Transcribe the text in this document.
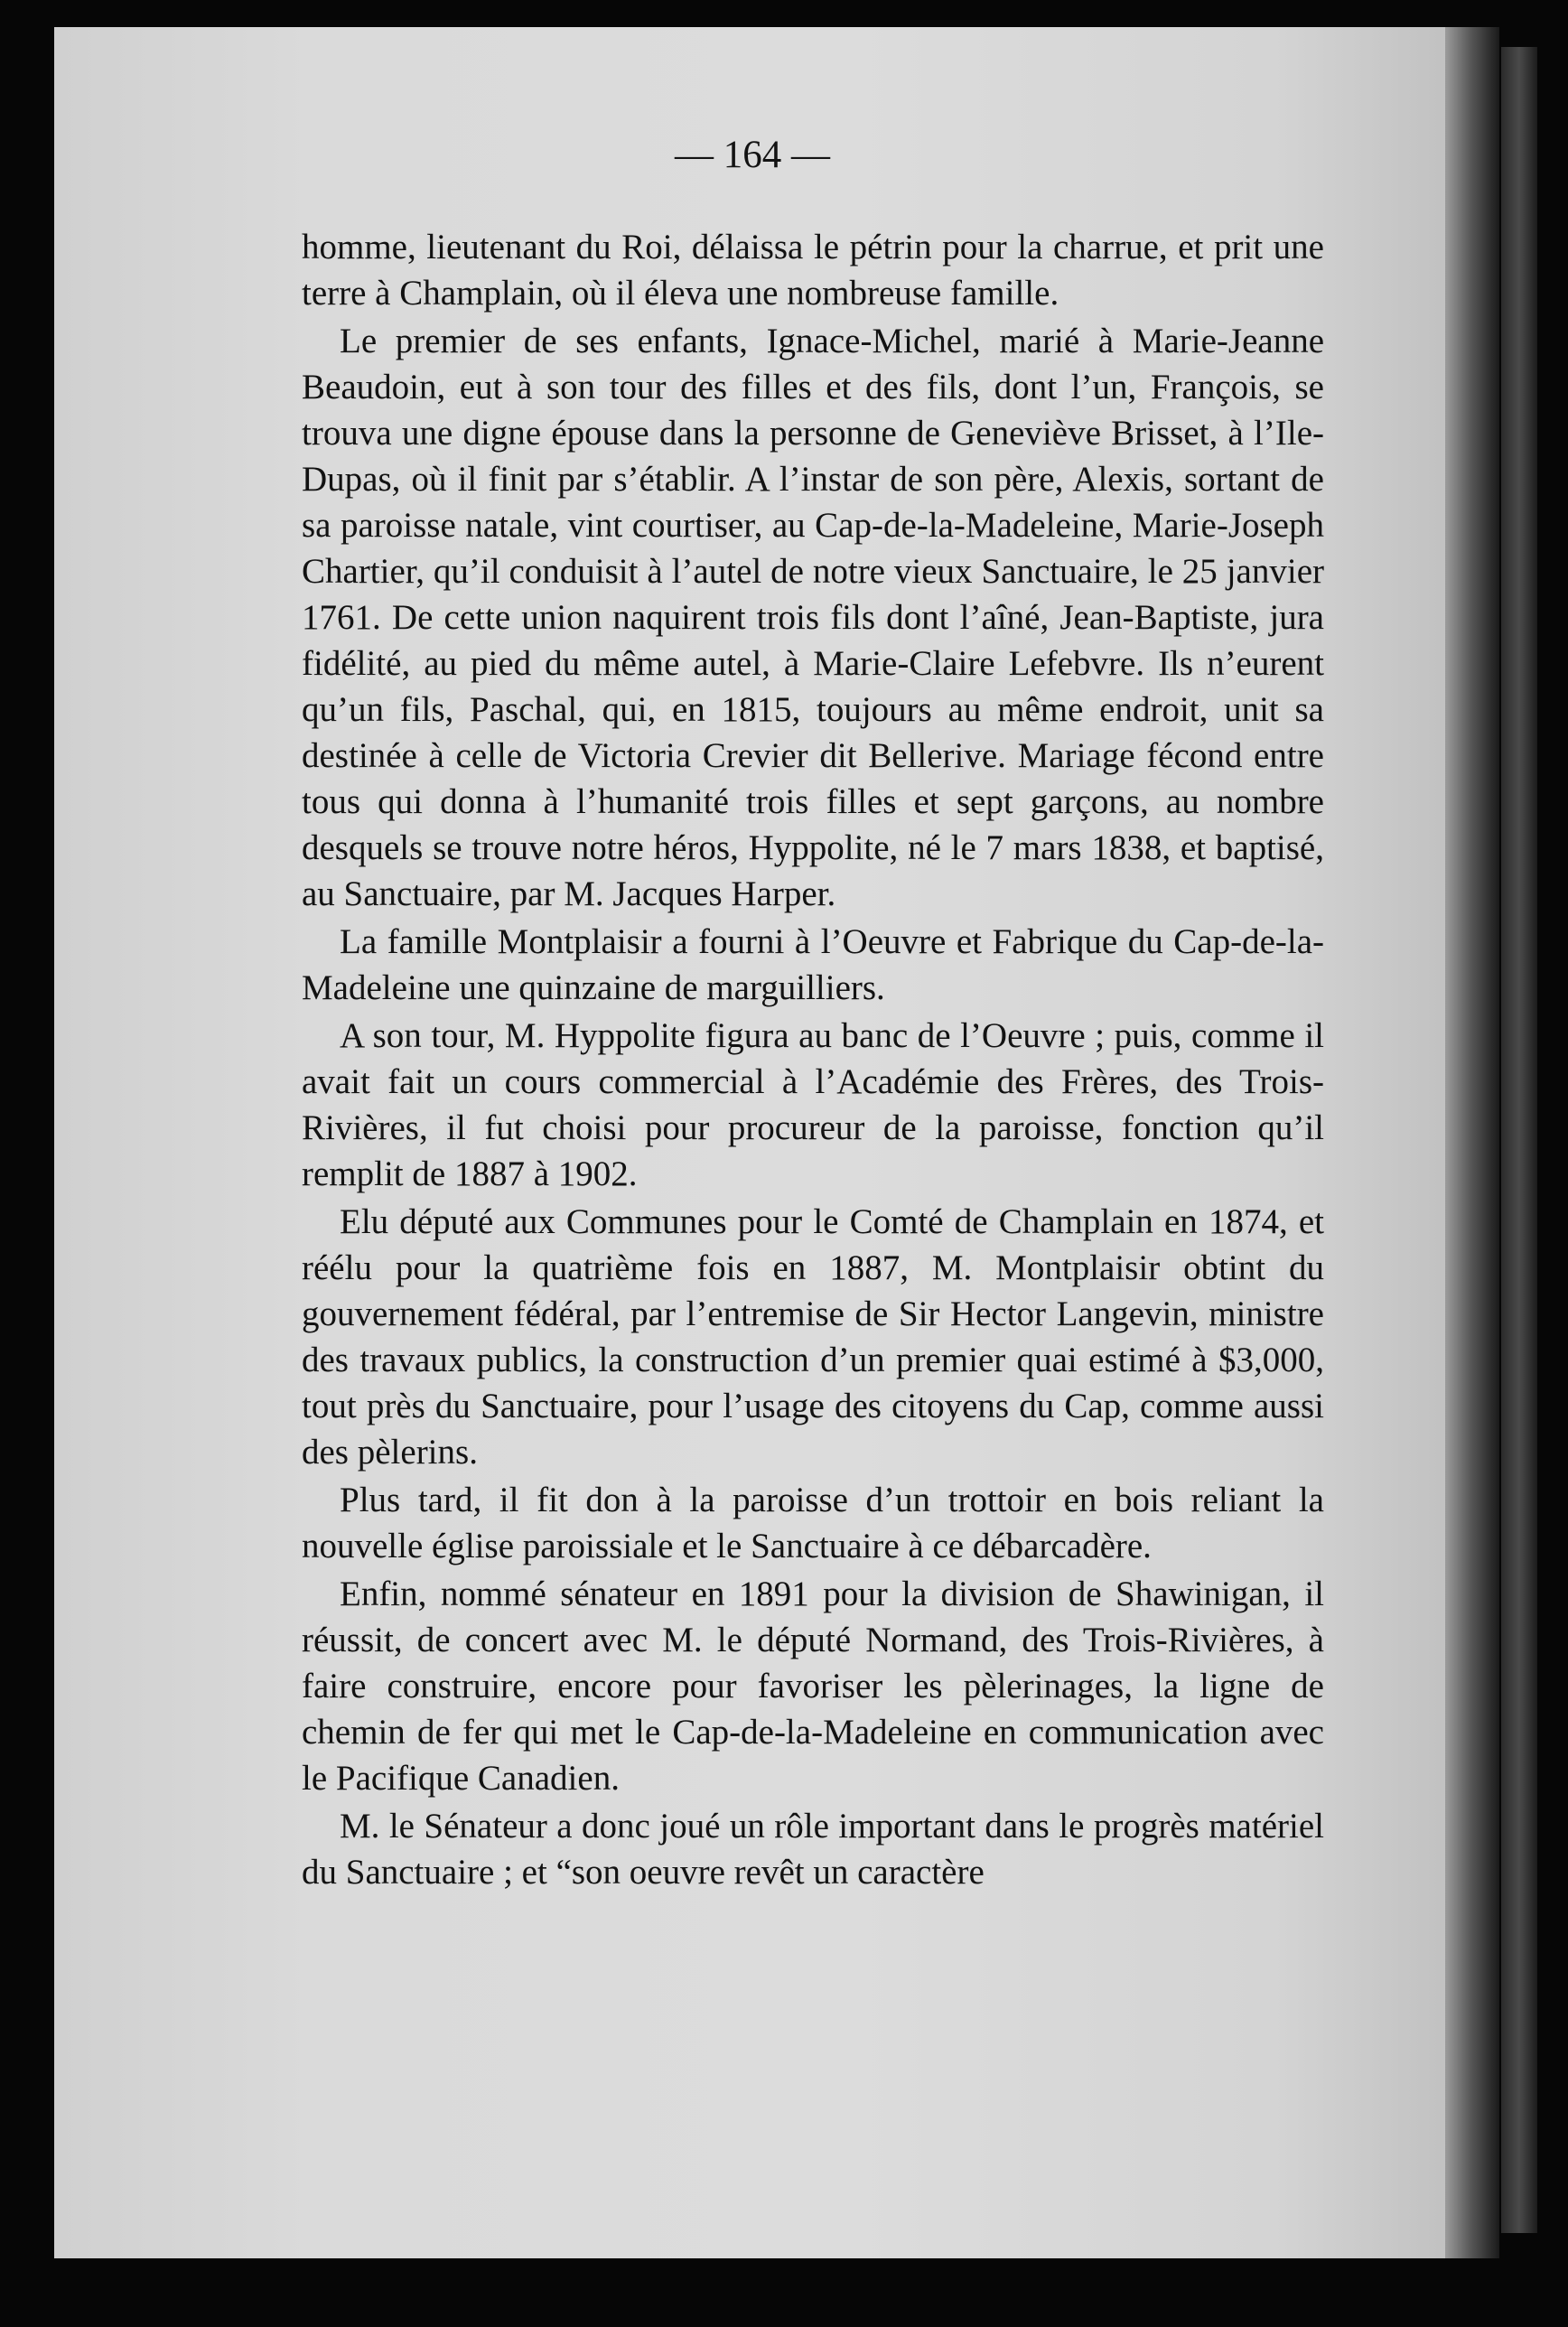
— 164 —

homme, lieutenant du Roi, délaissa le pétrin pour la charrue, et prit une terre à Champlain, où il éleva une nombreuse famille.

Le premier de ses enfants, Ignace-Michel, marié à Marie-Jeanne Beaudoin, eut à son tour des filles et des fils, dont l’un, François, se trouva une digne épouse dans la personne de Geneviève Brisset, à l’Ile-Dupas, où il finit par s’établir. A l’instar de son père, Alexis, sortant de sa paroisse natale, vint courtiser, au Cap-de-la-Madeleine, Marie-Joseph Chartier, qu’il conduisit à l’autel de notre vieux Sanctuaire, le 25 janvier 1761. De cette union naquirent trois fils dont l’aîné, Jean-Baptiste, jura fidélité, au pied du même autel, à Marie-Claire Lefebvre. Ils n’eurent qu’un fils, Paschal, qui, en 1815, toujours au même endroit, unit sa destinée à celle de Victoria Crevier dit Bellerive. Mariage fécond entre tous qui donna à l’humanité trois filles et sept garçons, au nombre desquels se trouve notre héros, Hyppolite, né le 7 mars 1838, et baptisé, au Sanctuaire, par M. Jacques Harper.

La famille Montplaisir a fourni à l’Oeuvre et Fabrique du Cap-de-la-Madeleine une quinzaine de marguilliers.

A son tour, M. Hyppolite figura au banc de l’Oeuvre ; puis, comme il avait fait un cours commercial à l’Académie des Frères, des Trois-Rivières, il fut choisi pour procureur de la paroisse, fonction qu’il remplit de 1887 à 1902.

Elu député aux Communes pour le Comté de Champlain en 1874, et réélu pour la quatrième fois en 1887, M. Montplaisir obtint du gouvernement fédéral, par l’entremise de Sir Hector Langevin, ministre des travaux publics, la construction d’un premier quai estimé à $3,000, tout près du Sanctuaire, pour l’usage des citoyens du Cap, comme aussi des pèlerins.

Plus tard, il fit don à la paroisse d’un trottoir en bois reliant la nouvelle église paroissiale et le Sanctuaire à ce débarcadère.

Enfin, nommé sénateur en 1891 pour la division de Shawinigan, il réussit, de concert avec M. le député Normand, des Trois-Rivières, à faire construire, encore pour favoriser les pèlerinages, la ligne de chemin de fer qui met le Cap-de-la-Madeleine en communication avec le Pacifique Canadien.

M. le Sénateur a donc joué un rôle important dans le progrès matériel du Sanctuaire ; et “son oeuvre revêt un caractère
